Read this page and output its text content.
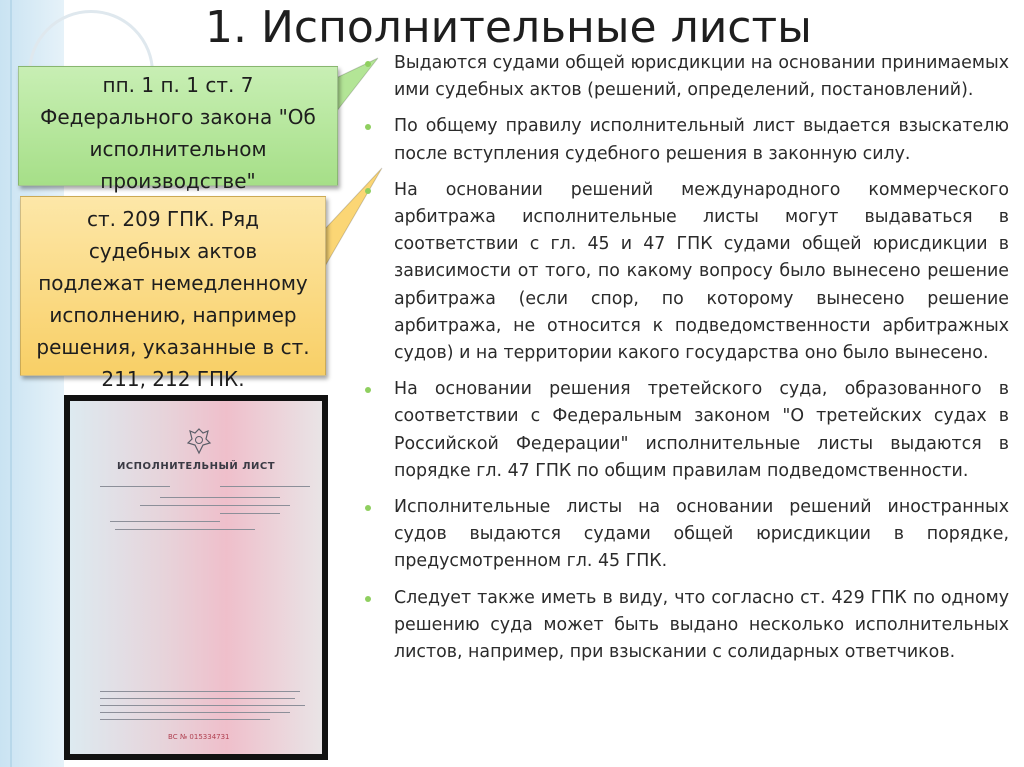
1. Исполнительные листы
пп. 1 п. 1 ст. 7
Федерального закона "Об
исполнительном
производстве"
ст. 209 ГПК. Ряд
судебных актов
подлежат немедленному
исполнению, например
решения, указанные в ст.
211, 212 ГПК.
ИСПОЛНИТЕЛЬНЫЙ ЛИСТ
ВС № 015334731
Выдаются судами общей юрисдикции на основании принимаемых ими судебных актов (решений, определений, постановлений).
По общему правилу исполнительный лист выдается взыскателю после вступления судебного решения в законную силу.
На основании решений международного коммерческого арбитража исполнительные листы могут выдаваться в соответствии с гл. 45 и 47 ГПК судами общей юрисдикции в зависимости от того, по какому вопросу было вынесено решение арбитража (если спор, по которому вынесено решение арбитража, не относится к подведомственности арбитражных судов) и на территории какого государства оно было вынесено.
На основании решения третейского суда, образованного в соответствии с Федеральным законом "О третейских судах в Российской Федерации" исполнительные листы выдаются в порядке гл. 47 ГПК по общим правилам подведомственности.
Исполнительные листы на основании решений иностранных судов выдаются судами общей юрисдикции в порядке, предусмотренном гл. 45 ГПК.
Следует также иметь в виду, что согласно ст. 429 ГПК по одному решению суда может быть выдано несколько исполнительных листов, например, при взыскании с солидарных ответчиков.
